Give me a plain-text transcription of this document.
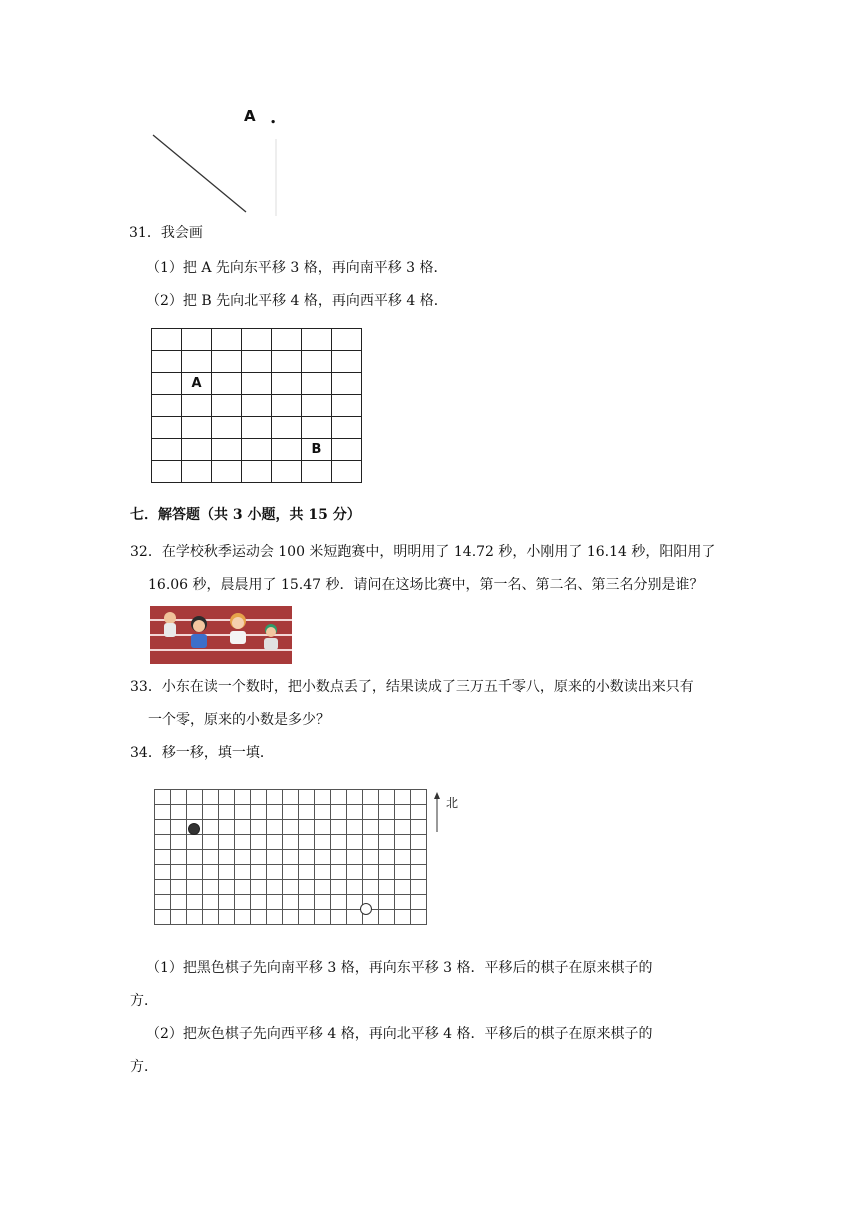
A .
31．我会画
（1）把 A 先向东平移 3 格，再向南平移 3 格．
（2）把 B 先向北平移 4 格，再向西平移 4 格．

	A					

					B	

七．解答题（共 3 小题，共 15 分）
32．在学校秋季运动会 100 米短跑赛中，明明用了 14.72 秒，小刚用了 16.14 秒，阳阳用了
16.06 秒，晨晨用了 15.47 秒．请问在这场比赛中，第一名、第二名、第三名分别是谁？
33．小东在读一个数时，把小数点丢了，结果读成了三万五千零八，原来的小数读出来只有
一个零，原来的小数是多少？
34．移一移，填一填．

北
（1）把黑色棋子先向南平移 3 格，再向东平移 3 格．平移后的棋子在原来棋子的
方．
（2）把灰色棋子先向西平移 4 格，再向北平移 4 格．平移后的棋子在原来棋子的
方．
